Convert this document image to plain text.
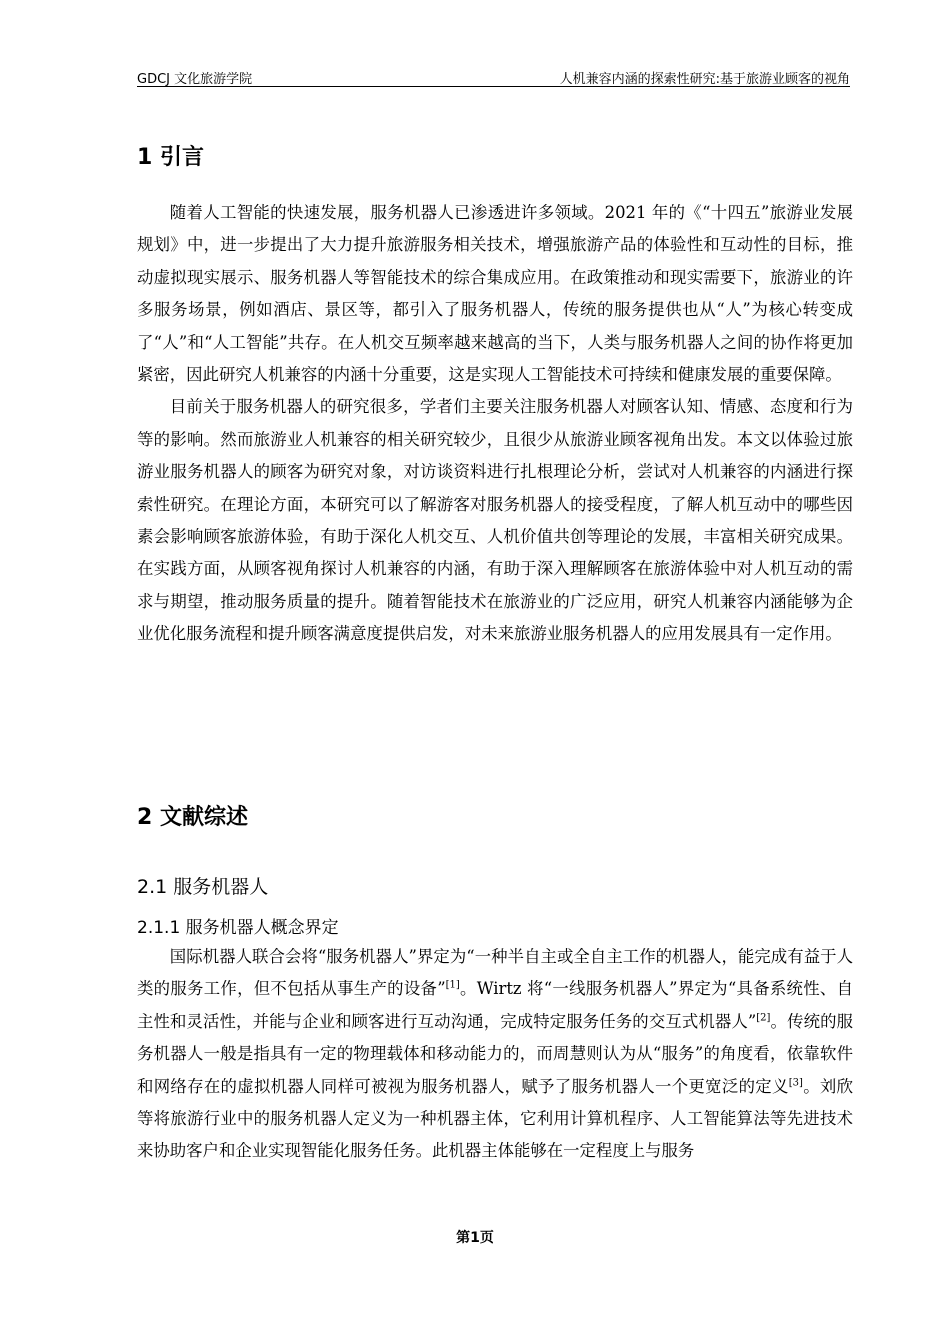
GDCJ 文化旅游学院	人机兼容内涵的探索性研究:基于旅游业顾客的视角
1 引言

随着人工智能的快速发展，服务机器人已渗透进许多领域。2021 年的《“十四五”旅游业发展规划》中，进一步提出了大力提升旅游服务相关技术，增强旅游产品的体验性和互动性的目标，推动虚拟现实展示、服务机器人等智能技术的综合集成应用。在政策推动和现实需要下，旅游业的许多服务场景，例如酒店、景区等，都引入了服务机器人，传统的服务提供也从“人”为核心转变成了“人”和“人工智能”共存。在人机交互频率越来越高的当下，人类与服务机器人之间的协作将更加紧密，因此研究人机兼容的内涵十分重要，这是实现人工智能技术可持续和健康发展的重要保障。

目前关于服务机器人的研究很多，学者们主要关注服务机器人对顾客认知、情感、态度和行为等的影响。然而旅游业人机兼容的相关研究较少，且很少从旅游业顾客视角出发。本文以体验过旅游业服务机器人的顾客为研究对象，对访谈资料进行扎根理论分析，尝试对人机兼容的内涵进行探索性研究。在理论方面，本研究可以了解游客对服务机器人的接受程度，了解人机互动中的哪些因素会影响顾客旅游体验，有助于深化人机交互、人机价值共创等理论的发展，丰富相关研究成果。在实践方面，从顾客视角探讨人机兼容的内涵，有助于深入理解顾客在旅游体验中对人机互动的需求与期望，推动服务质量的提升。随着智能技术在旅游业的广泛应用，研究人机兼容内涵能够为企业优化服务流程和提升顾客满意度提供启发，对未来旅游业服务机器人的应用发展具有一定作用。

2 文献综述
2.1 服务机器人
2.1.1 服务机器人概念界定

国际机器人联合会将“服务机器人”界定为“一种半自主或全自主工作的机器人，能完成有益于人类的服务工作，但不包括从事生产的设备”[1]。Wirtz 将“一线服务机器人”界定为“具备系统性、自主性和灵活性，并能与企业和顾客进行互动沟通，完成特定服务任务的交互式机器人”[2]。传统的服务机器人一般是指具有一定的物理载体和移动能力的，而周慧则认为从“服务”的角度看，依靠软件和网络存在的虚拟机器人同样可被视为服务机器人，赋予了服务机器人一个更宽泛的定义[3]。刘欣等将旅游行业中的服务机器人定义为一种机器主体，它利用计算机程序、人工智能算法等先进技术来协助客户和企业实现智能化服务任务。此机器主体能够在一定程度上与服务

第1页
